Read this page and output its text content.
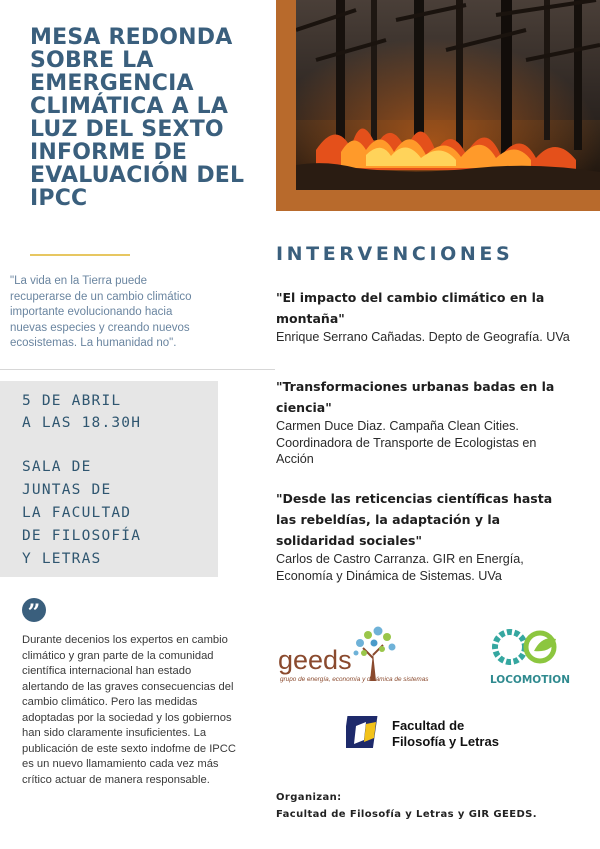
MESA REDONDA SOBRE LA EMERGENCIA CLIMÁTICA A LA LUZ DEL SEXTO INFORME DE EVALUACIÓN DEL IPCC

"La vida en la Tierra puede recuperarse de un cambio climático importante evolucionando hacia nuevas especies y creando nuevos ecosistemas. La humanidad no".

5 DE ABRIL

A LAS 18.30H

SALA DE

JUNTAS DE

LA FACULTAD

DE FILOSOFÍA

Y LETRAS

”

Durante decenios los expertos en cambio climático y gran parte de la comunidad científica internacional han estado alertando de las graves consecuencias del cambio climático. Pero las medidas adoptadas por la sociedad y los gobiernos han sido claramente insuficientes. La publicación de este sexto indofme de IPCC es un nuevo llamamiento cada vez más crítico actuar de manera responsable.

INTERVENCIONES

"El impacto del cambio climático en la montaña"

Enrique Serrano Cañadas. Depto de Geografía. UVa

"Transformaciones urbanas badas en la ciencia"

Carmen Duce Diaz. Campaña Clean Cities. Coordinadora de Transporte de Ecologistas en Acción

"Desde las reticencias científicas hasta las rebeldías, la adaptación y la solidaridad sociales"

Carlos de Castro Carranza. GIR en Energía, Economía y Dinámica de Sistemas. UVa

geeds
grupo de energía, economía y dinámica de sistemas	LOCOMOTION
Facultad de
Filosofía y Letras

Organizan:

Facultad de Filosofía y Letras y GIR GEEDS.
